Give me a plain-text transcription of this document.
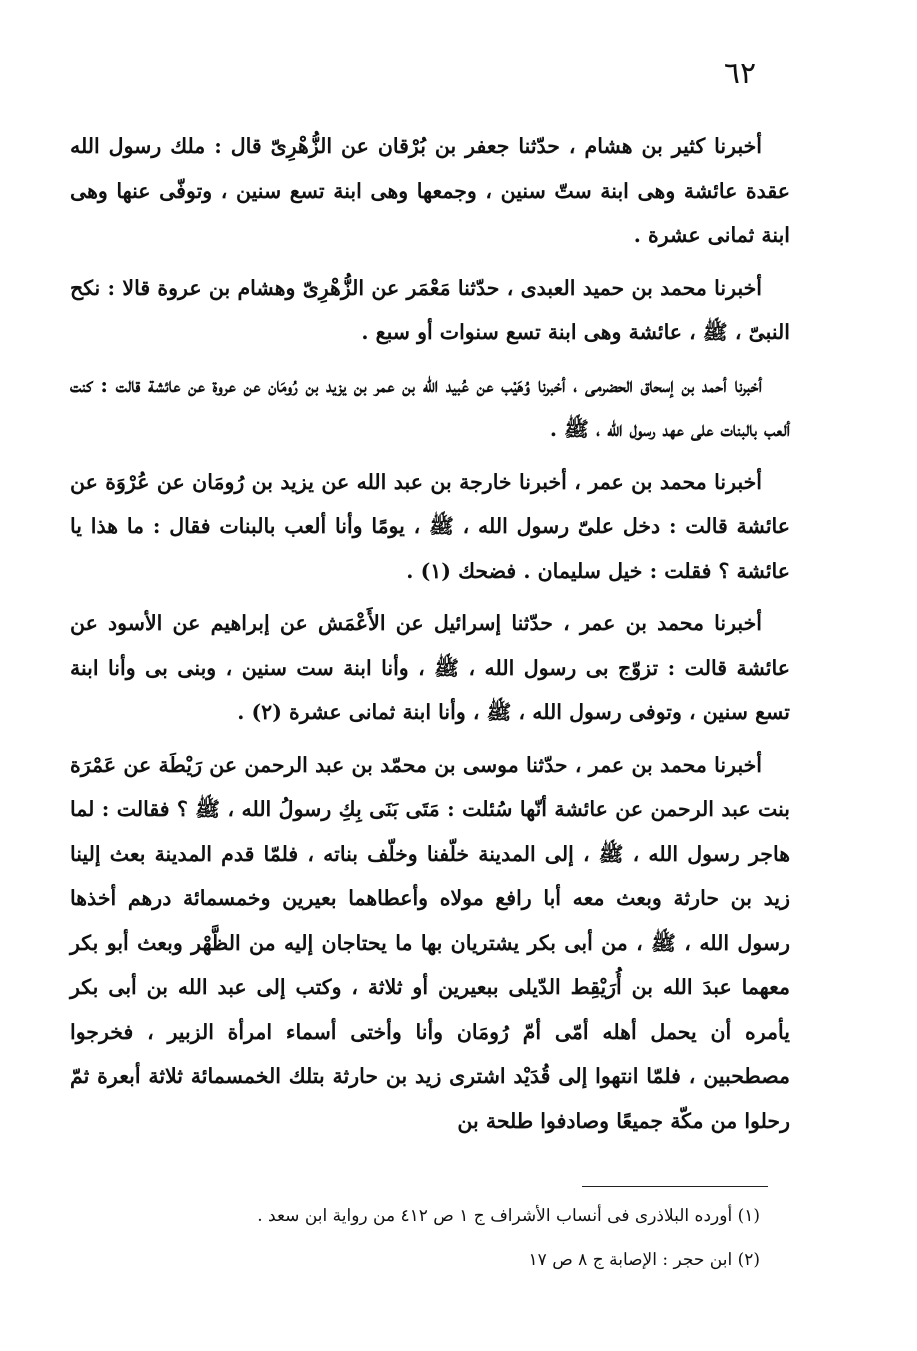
٦٢

أخبرنا كثير بن هشام ، حدّثنا جعفر بن بُرْقان عن الزُّهْرِىّ قال : ملك رسول الله عقدة عائشة وهى ابنة ستّ سنين ، وجمعها وهى ابنة تسع سنين ، وتوفّى عنها وهى ابنة ثمانى عشرة .

أخبرنا محمد بن حميد العبدى ، حدّثنا مَعْمَر عن الزُّهْرِىّ وهشام بن عروة قالا : نكح النبىّ ، ﷺ ، عائشة وهى ابنة تسع سنوات أو سبع .

أخبرنا أحمد بن إسحاق الحضرمى ، أخبرنا وُهَيْب عن عُبيد الله بن عمر بن يزيد بن رُومَان عن عروة عن عائشة قالت : كنت ألعب بالبنات على عهد رسول الله ، ﷺ .

أخبرنا محمد بن عمر ، أخبرنا خارجة بن عبد الله عن يزيد بن رُومَان عن عُرْوَة عن عائشة قالت : دخل علىّ رسول الله ، ﷺ ، يومًا وأنا ألعب بالبنات فقال : ما هذا يا عائشة ؟ فقلت : خيل سليمان . فضحك (١) .

أخبرنا محمد بن عمر ، حدّثنا إسرائيل عن الأَعْمَش عن إبراهيم عن الأسود عن عائشة قالت : تزوّج بى رسول الله ، ﷺ ، وأنا ابنة ست سنين ، وبنى بى وأنا ابنة تسع سنين ، وتوفى رسول الله ، ﷺ ، وأنا ابنة ثمانى عشرة (٢) .

أخبرنا محمد بن عمر ، حدّثنا موسى بن محمّد بن عبد الرحمن عن رَيْطَة عن عَمْرَة بنت عبد الرحمن عن عائشة أنّها سُئلت : مَتَى بَنَى بِكِ رسولُ الله ، ﷺ ؟ فقالت : لما هاجر رسول الله ، ﷺ ، إلى المدينة خلّفنا وخلّف بناته ، فلمّا قدم المدينة بعث إلينا زيد بن حارثة وبعث معه أبا رافع مولاه وأعطاهما بعيرين وخمسمائة درهم أخذها رسول الله ، ﷺ ، من أبى بكر يشتريان بها ما يحتاجان إليه من الظَّهْر وبعث أبو بكر معهما عبدَ الله بن أُرَيْقِط الدّيلى ببعيرين أو ثلاثة ، وكتب إلى عبد الله بن أبى بكر يأمره أن يحمل أهله أمّى أمّ رُومَان وأنا وأختى أسماء امرأة الزبير ، فخرجوا مصطحبين ، فلمّا انتهوا إلى قُدَيْد اشترى زيد بن حارثة بتلك الخمسمائة ثلاثة أبعرة ثمّ رحلوا من مكّة جميعًا وصادفوا طلحة بن

(١) أورده البلاذرى فى أنساب الأشراف ج ١ ص ٤١٢ من رواية ابن سعد .
(٢) ابن حجر : الإصابة ج ٨ ص ١٧
